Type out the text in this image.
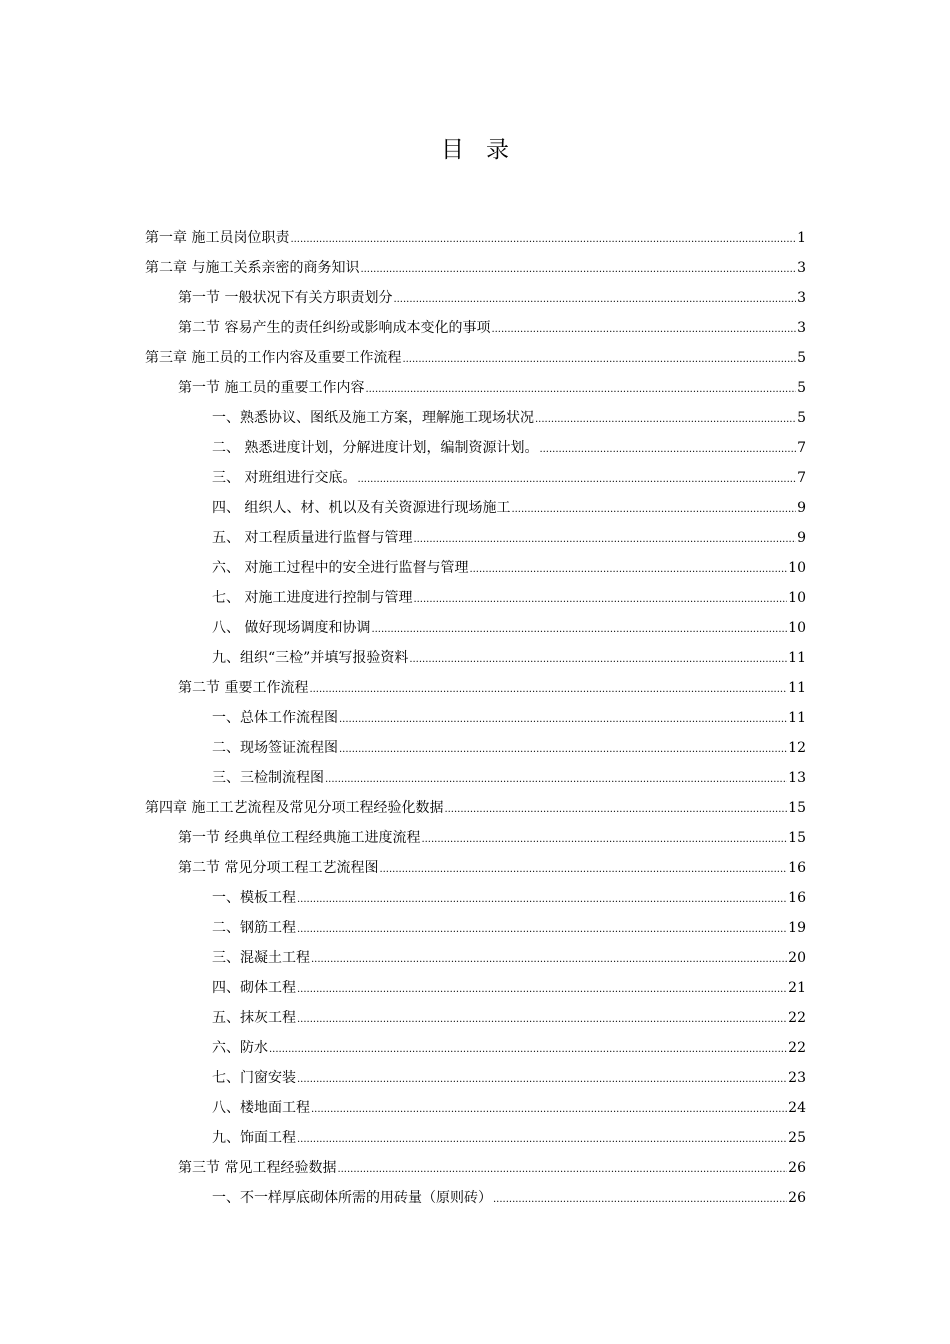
目录
第一章 施工员岗位职责 .....	1
第二章 与施工关系亲密的商务知识 .....	3
第一节 一般状况下有关方职责划分 .....	3
第二节 容易产生的责任纠纷或影响成本变化的事项 .....	3
第三章 施工员的工作内容及重要工作流程 .....	5
第一节 施工员的重要工作内容 .....	5
一、熟悉协议、图纸及施工方案，理解施工现场状况 .....	5
二、 熟悉进度计划，分解进度计划，编制资源计划。 .....	7
三、 对班组进行交底。 .....	7
四、 组织人、材、机以及有关资源进行现场施工 .....	9
五、 对工程质量进行监督与管理 .....	9
六、 对施工过程中的安全进行监督与管理 .....	10
七、 对施工进度进行控制与管理 .....	10
八、 做好现场调度和协调 .....	10
九、组织“三检”并填写报验资料 .....	11
第二节 重要工作流程 .....	11
一、总体工作流程图 .....	11
二、现场签证流程图 .....	12
三、三检制流程图 .....	13
第四章 施工工艺流程及常见分项工程经验化数据 .....	15
第一节 经典单位工程经典施工进度流程 .....	15
第二节 常见分项工程工艺流程图 .....	16
一、模板工程 .....	16
二、钢筋工程 .....	19
三、混凝土工程 .....	20
四、砌体工程 .....	21
五、抹灰工程 .....	22
六、防水 .....	22
七、门窗安装 .....	23
八、楼地面工程 .....	24
九、饰面工程 .....	25
第三节 常见工程经验数据 .....	26
一、不一样厚底砌体所需的用砖量（原则砖） .....	26
